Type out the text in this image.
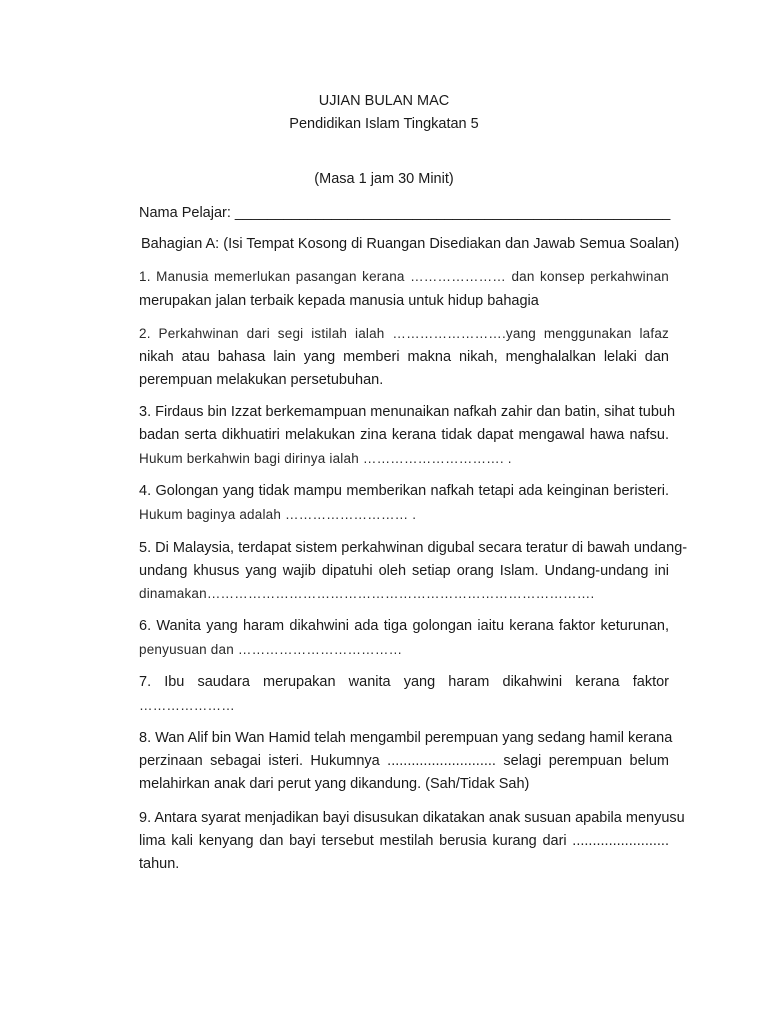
UJIAN BULAN MAC
Pendidikan Islam Tingkatan 5
(Masa 1 jam 30 Minit)
Nama Pelajar: ______________________________________________________
Bahagian A: (Isi Tempat Kosong di Ruangan Disediakan dan Jawab Semua Soalan)
1. Manusia memerlukan pasangan kerana ………………… dan konsep perkahwinan
merupakan jalan terbaik kepada manusia untuk hidup bahagia
2. Perkahwinan dari segi istilah ialah …………………….yang menggunakan lafaz
nikah atau bahasa lain yang memberi makna nikah, menghalalkan lelaki dan
perempuan melakukan persetubuhan.
3. Firdaus bin Izzat berkemampuan menunaikan nafkah zahir dan batin, sihat tubuh
badan serta dikhuatiri melakukan zina kerana tidak dapat mengawal hawa nafsu.
Hukum berkahwin bagi dirinya ialah …………………………. .
4. Golongan yang tidak mampu memberikan nafkah tetapi ada keinginan beristeri.
Hukum baginya adalah ……………………… .
5. Di Malaysia, terdapat sistem perkahwinan digubal secara teratur di bawah undang-
undang khusus yang wajib dipatuhi oleh setiap orang Islam. Undang-undang ini
dinamakan………………………………………………………………………….
6. Wanita yang haram dikahwini ada tiga golongan iaitu kerana faktor keturunan,
penyusuan dan ………………………………
7. Ibu saudara merupakan wanita yang haram dikahwini kerana faktor
…………………
8. Wan Alif bin Wan Hamid telah mengambil perempuan yang sedang hamil kerana
perzinaan sebagai isteri. Hukumnya ........................... selagi perempuan belum
melahirkan anak dari perut yang dikandung. (Sah/Tidak Sah)
9. Antara syarat menjadikan bayi disusukan dikatakan anak susuan apabila menyusu
lima kali kenyang dan bayi tersebut mestilah berusia kurang dari ........................
tahun.
